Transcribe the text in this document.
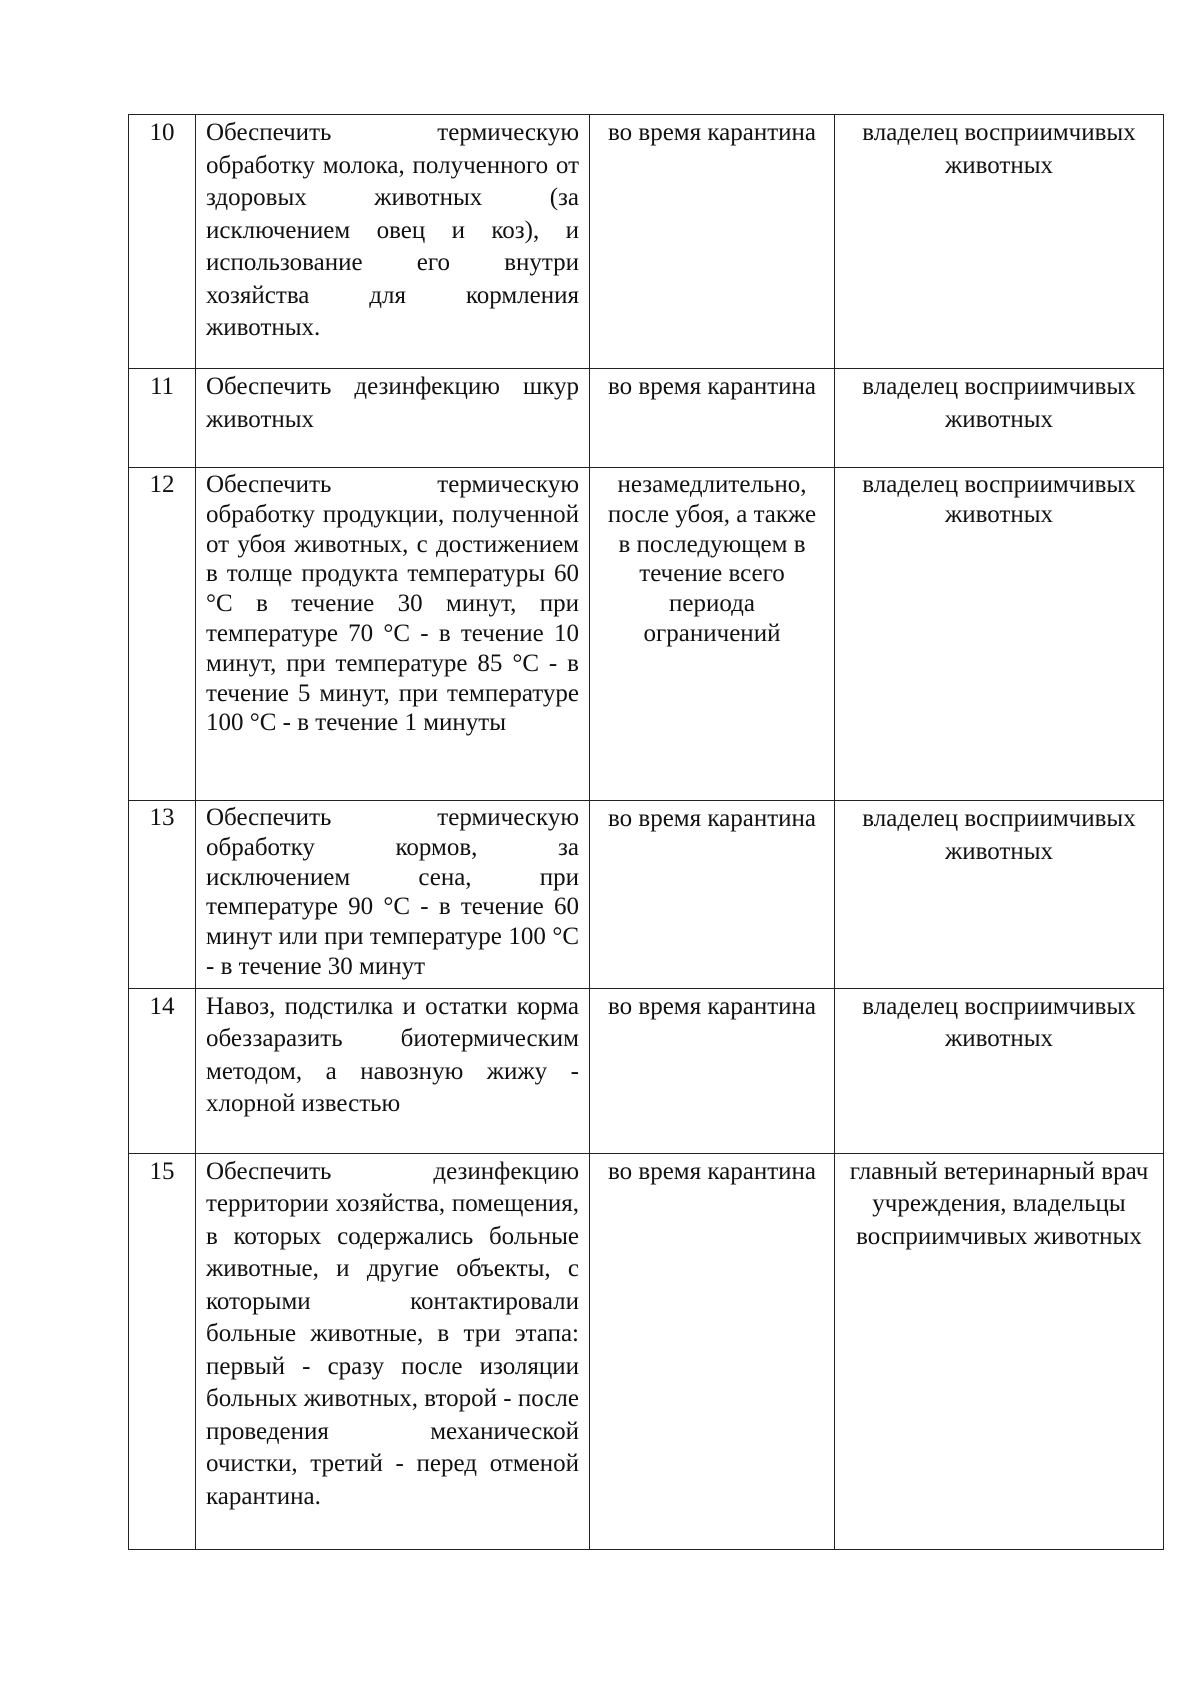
10	Обеспечить термическую обработку молока, полученного от здоровых животных (за исключением овец и коз), и использование его внутри хозяйства для кормления животных.	во время карантина	владелец восприимчивых животных
11	Обеспечить дезинфекцию шкур животных	во время карантина	владелец восприимчивых животных
12	Обеспечить термическую обработку продукции, полученной от убоя животных, с достижением в толще продукта температуры 60 °С в течение 30 минут, при температуре 70 °С - в течение 10 минут, при температуре 85 °С - в течение 5 минут, при температуре 100 °С - в течение 1 минуты	незамедлительно, после убоя, а также в последующем в течение всего периода ограничений	владелец восприимчивых животных
13	Обеспечить термическую обработку кормов, за исключением сена, при температуре 90 °С - в течение 60 минут или при температуре 100 °С - в течение 30 минут	во время карантина	владелец восприимчивых животных
14	Навоз, подстилка и остатки корма обеззаразить биотермическим методом, а навозную жижу - хлорной известью	во время карантина	владелец восприимчивых животных
15	Обеспечить дезинфекцию территории хозяйства, помещения, в которых содержались больные животные, и другие объекты, с которыми контактировали больные животные, в три этапа: первый - сразу после изоляции больных животных, второй - после проведения механической очистки, третий - перед отменой карантина.	во время карантина	главный ветеринарный врач учреждения, владельцы восприимчивых животных
